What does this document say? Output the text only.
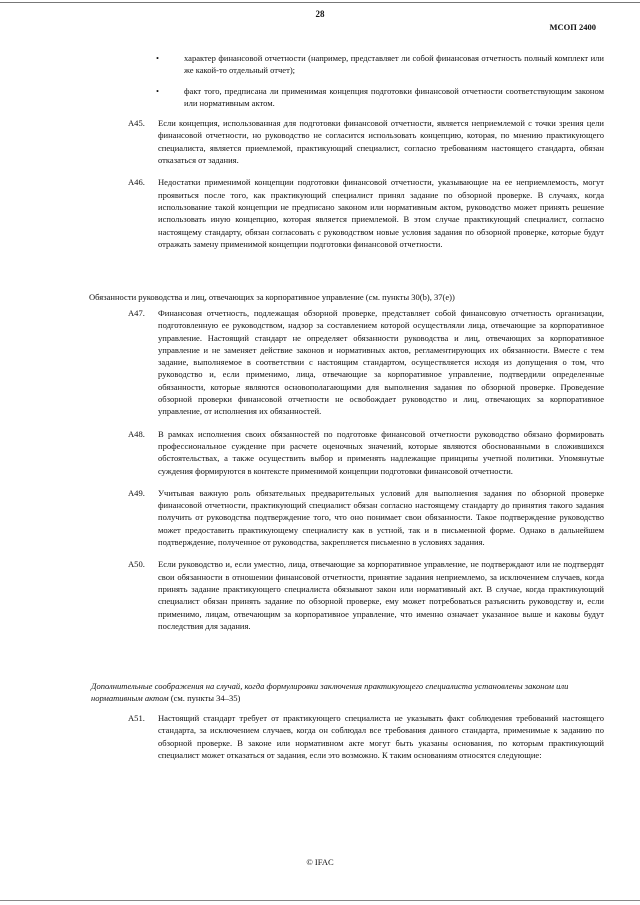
28
МСОП 2400
•	характер финансовой отчетности (например, представляет ли собой финансовая отчетность полный комплект или же какой-то отдельный отчет);
•	факт того, предписана ли применимая концепция подготовки финансовой отчетности соответствующим законом или нормативным актом.
A45. Если концепция, использованная для подготовки финансовой отчетности, является неприемлемой с точки зрения цели финансовой отчетности, но руководство не согласится использовать концепцию, которая, по мнению практикующего специалиста, является приемлемой, практикующий специалист, согласно требованиям настоящего стандарта, обязан отказаться от задания.
A46. Недостатки применимой концепции подготовки финансовой отчетности, указывающие на ее неприемлемость, могут проявиться после того, как практикующий специалист принял задание по обзорной проверке. В случаях, когда использование такой концепции не предписано законом или нормативным актом, руководство может принять решение использовать иную концепцию, которая является приемлемой. В этом случае практикующий специалист, согласно настоящему стандарту, обязан согласовать с руководством новые условия задания по обзорной проверке, которые будут отражать замену применимой концепции подготовки финансовой отчетности.
Обязанности руководства и лиц, отвечающих за корпоративное управление (см. пункты 30(b), 37(e))
A47. Финансовая отчетность, подлежащая обзорной проверке, представляет собой финансовую отчетность организации, подготовленную ее руководством, надзор за составлением которой осуществляли лица, отвечающие за корпоративное управление. Настоящий стандарт не определяет обязанности руководства и лиц, отвечающих за корпоративное управление и не заменяет действие законов и нормативных актов, регламентирующих их обязанности. Вместе с тем задание, выполняемое в соответствии с настоящим стандартом, осуществляется исходя из допущения о том, что руководство и, если применимо, лица, отвечающие за корпоративное управление, подтвердили определенные обязанности, которые являются основополагающими для выполнения задания по обзорной проверке. Проведение обзорной проверки финансовой отчетности не освобождает руководство и лиц, отвечающих за корпоративное управление, от исполнения их обязанностей.
A48. В рамках исполнения своих обязанностей по подготовке финансовой отчетности руководство обязано формировать профессиональное суждение при расчете оценочных значений, которые являются обоснованными в сложившихся обстоятельствах, а также осуществить выбор и применять надлежащие принципы учетной политики. Упомянутые суждения формируются в контексте применимой концепции подготовки финансовой отчетности.
A49. Учитывая важную роль обязательных предварительных условий для выполнения задания по обзорной проверке финансовой отчетности, практикующий специалист обязан согласно настоящему стандарту до принятия такого задания получить от руководства подтверждение того, что оно понимает свои обязанности. Такое подтверждение руководство может предоставить практикующему специалисту как в устной, так и в письменной форме. Однако в дальнейшем подтверждение, полученное от руководства, закрепляется письменно в условиях задания.
A50. Если руководство и, если уместно, лица, отвечающие за корпоративное управление, не подтверждают или не подтвердят свои обязанности в отношении финансовой отчетности, принятие задания неприемлемо, за исключением случаев, когда принять задание практикующего специалиста обязывают закон или нормативный акт. В случае, когда практикующий специалист обязан принять задание по обзорной проверке, ему может потребоваться разъяснить руководству и, если применимо, лицам, отвечающим за корпоративное управление, что именно означает указанное выше и каковы будут последствия для задания.
Дополнительные соображения на случай, когда формулировки заключения практикующего специалиста установлены законом или нормативным актом (см. пункты 34–35)
A51. Настоящий стандарт требует от практикующего специалиста не указывать факт соблюдения требований настоящего стандарта, за исключением случаев, когда он соблюдал все требования данного стандарта, применимые к заданию по обзорной проверке. В законе или нормативном акте могут быть указаны основания, по которым практикующий специалист может отказаться от задания, если это возможно. К таким основаниям относятся следующие:
© IFAC
